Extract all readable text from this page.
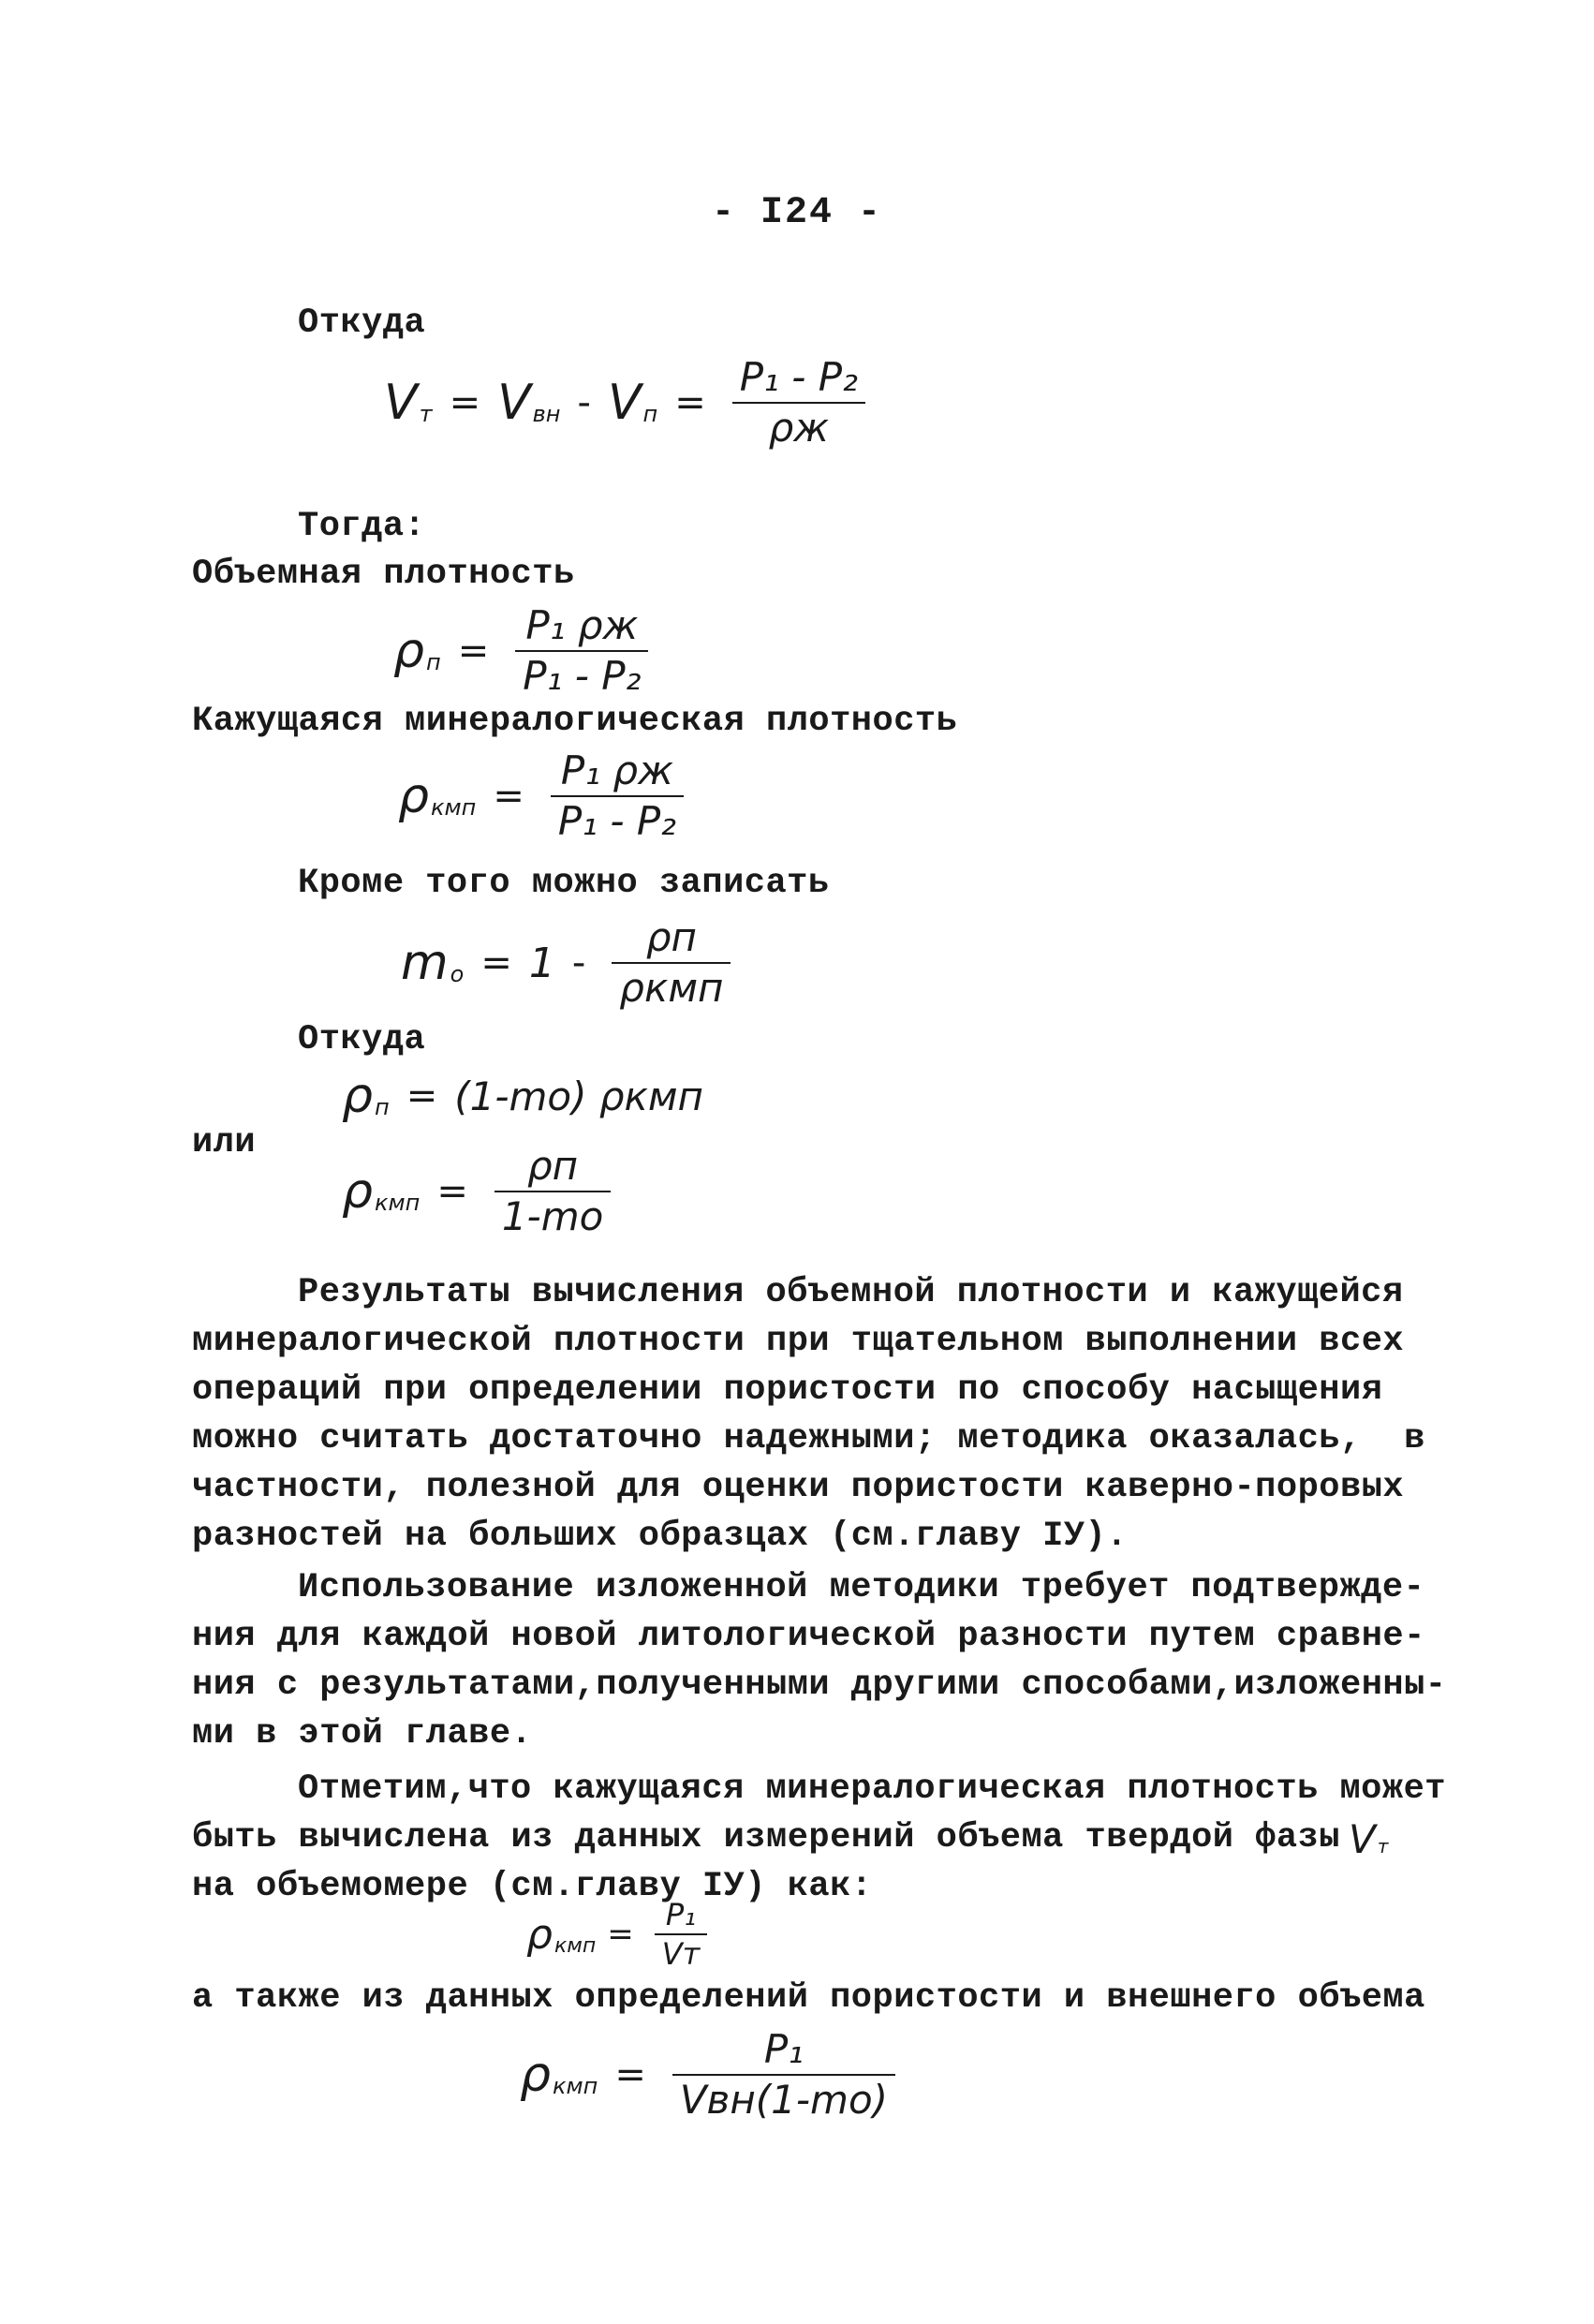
- I24 -
Откуда
V т = V вн - V $п = \frac{\text{P₁ - P₂}}{\rho ж}$
Тогда:
Объемная плотность
ρ $п = \frac{\text{P₁ ρж}}{\text{P₁ - P₂}}$
Кажущаяся минералогическая плотность
ρ кмп = $\frac{\text{P₁ ρж}}{\text{P₁ - P₂}}$
Кроме того можно записать
m $o = 1 - \frac{\rho п}{\text{ρкмп}}$
Откуда
ρ п = (1-mo) ρкмп
или
ρ кмп = $\frac{\rho п}{1-mo}$
Результаты вычисления объемной плотности и кажущейся
минералогической плотности при тщательном выполнении всех
операций при определении пористости по способу насыщения
можно считать достаточно надежными; методика оказалась,  в
частности, полезной для оценки пористости каверно-поровых
разностей на больших образцах (см.главу IУ).
Использование изложенной методики требует подтвержде-
ния для каждой новой литологической разности путем сравне-
ния с результатами,полученными другими способами,изложенны-
ми в этой главе.
Отметим,что кажущаяся минералогическая плотность может
быть вычислена из данных измерений объема твердой фазы V т
на объемомере (см.главу IУ) как:
ρ кмп = $\frac{\text{P₁}}{Vт}$
а также из данных определений пористости и внешнего объема
ρ кмп = $\frac{\text{P₁}}{\text{Vвн(1-mo)}}$
